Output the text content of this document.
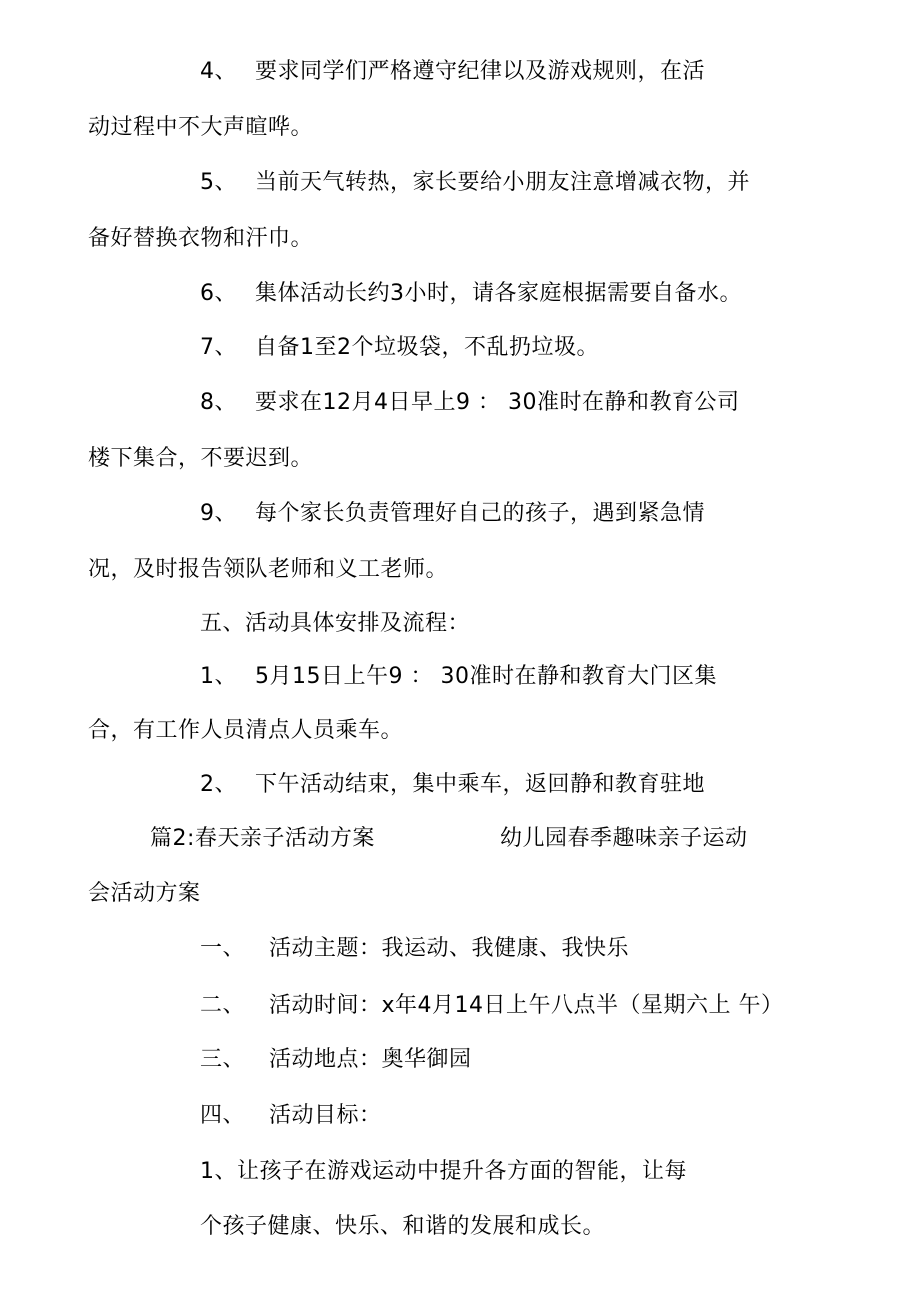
4、 要求同学们严格遵守纪律以及游戏规则，在活
动过程中不大声暄哗。
5、 当前天气转热，家长要给小朋友注意增减衣物，并
备好替换衣物和汗巾。
6、 集体活动长约3小时，请各家庭根据需要自备水。
7、 自备1至2个垃圾袋，不乱扔垃圾。
8、 要求在12月4日早上9 ： 30准时在静和教育公司
楼下集合，不要迟到。
9、 每个家长负责管理好自己的孩子，遇到紧急情
况，及时报告领队老师和义工老师。
五、活动具体安排及流程：
1、 5月15日上午9 ： 30准时在静和教育大门区集
合，有工作人员清点人员乘车。
2、 下午活动结束，集中乘车，返回静和教育驻地
篇2:春天亲子活动方案	幼儿园春季趣味亲子运动
会活动方案
一、 活动主题：我运动、我健康、我快乐
二、 活动时间：x年4月14日上午八点半（星期六上 午）
三、 活动地点：奥华御园
四、 活动目标：
1、让孩子在游戏运动中提升各方面的智能，让每
个孩子健康、快乐、和谐的发展和成长。
